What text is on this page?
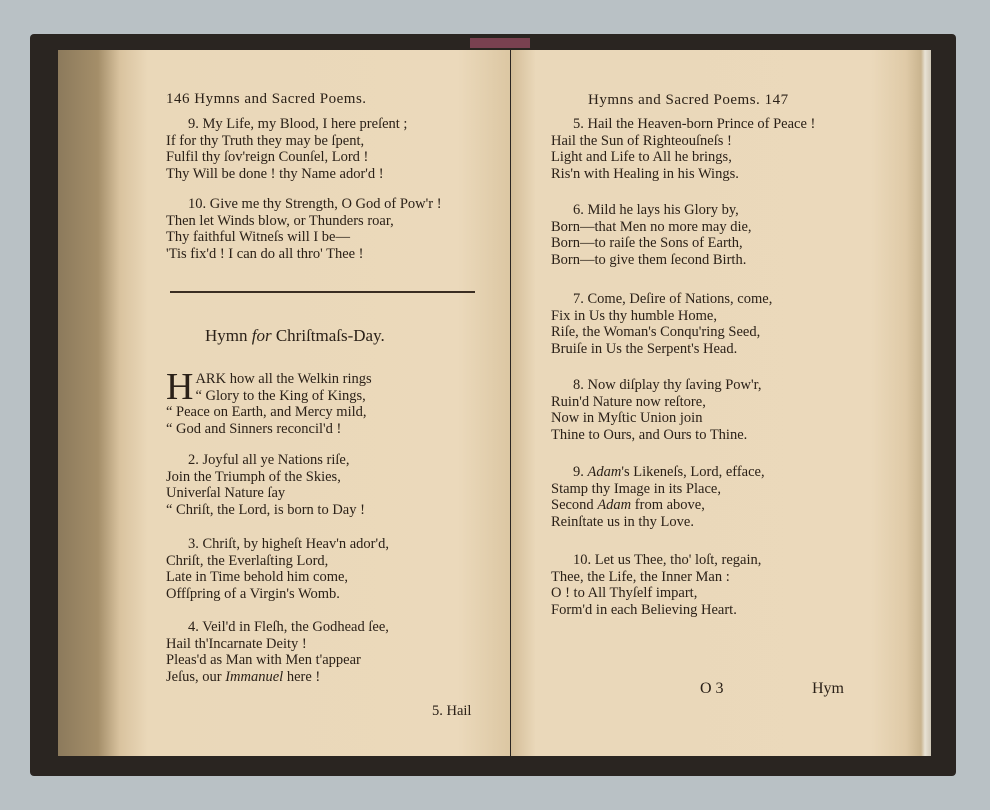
146 Hymns and Sacred Poems.
9. My Life, my Blood, I here preſent ;
If for thy Truth they may be ſpent,
Fulfil thy ſov'reign Counſel, Lord !
Thy Will be done ! thy Name ador'd !
10. Give me thy Strength, O God of Pow'r !
Then let Winds blow, or Thunders roar,
Thy faithful Witneſs will I be—
'Tis fix'd ! I can do all thro' Thee !
Hymn for Chriſtmaſs-Day.
H ARK how all the Welkin rings
“ Glory to the King of Kings,
“ Peace on Earth, and Mercy mild,
“ God and Sinners reconcil'd !
2. Joyful all ye Nations riſe,
Join the Triumph of the Skies,
Univerſal Nature ſay
“ Chriſt, the Lord, is born to Day !
3. Chriſt, by higheſt Heav'n ador'd,
Chriſt, the Everlaſting Lord,
Late in Time behold him come,
Offſpring of a Virgin's Womb.
4. Veil'd in Fleſh, the Godhead ſee,
Hail th'Incarnate Deity !
Pleas'd as Man with Men t'appear
Jeſus, our Immanuel here !
5. Hail
Hymns and Sacred Poems. 147
5. Hail the Heaven-born Prince of Peace !
Hail the Sun of Righteouſneſs !
Light and Life to All he brings,
Ris'n with Healing in his Wings.
6. Mild he lays his Glory by,
Born—that Men no more may die,
Born—to raiſe the Sons of Earth,
Born—to give them ſecond Birth.
7. Come, Deſire of Nations, come,
Fix in Us thy humble Home,
Riſe, the Woman's Conqu'ring Seed,
Bruiſe in Us the Serpent's Head.
8. Now diſplay thy ſaving Pow'r,
Ruin'd Nature now reſtore,
Now in Myſtic Union join
Thine to Ours, and Ours to Thine.
9. Adam's Likeneſs, Lord, efface,
Stamp thy Image in its Place,
Second Adam from above,
Reinſtate us in thy Love.
10. Let us Thee, tho' loſt, regain,
Thee, the Life, the Inner Man :
O ! to All Thyſelf impart,
Form'd in each Believing Heart.
O 3	Hym
